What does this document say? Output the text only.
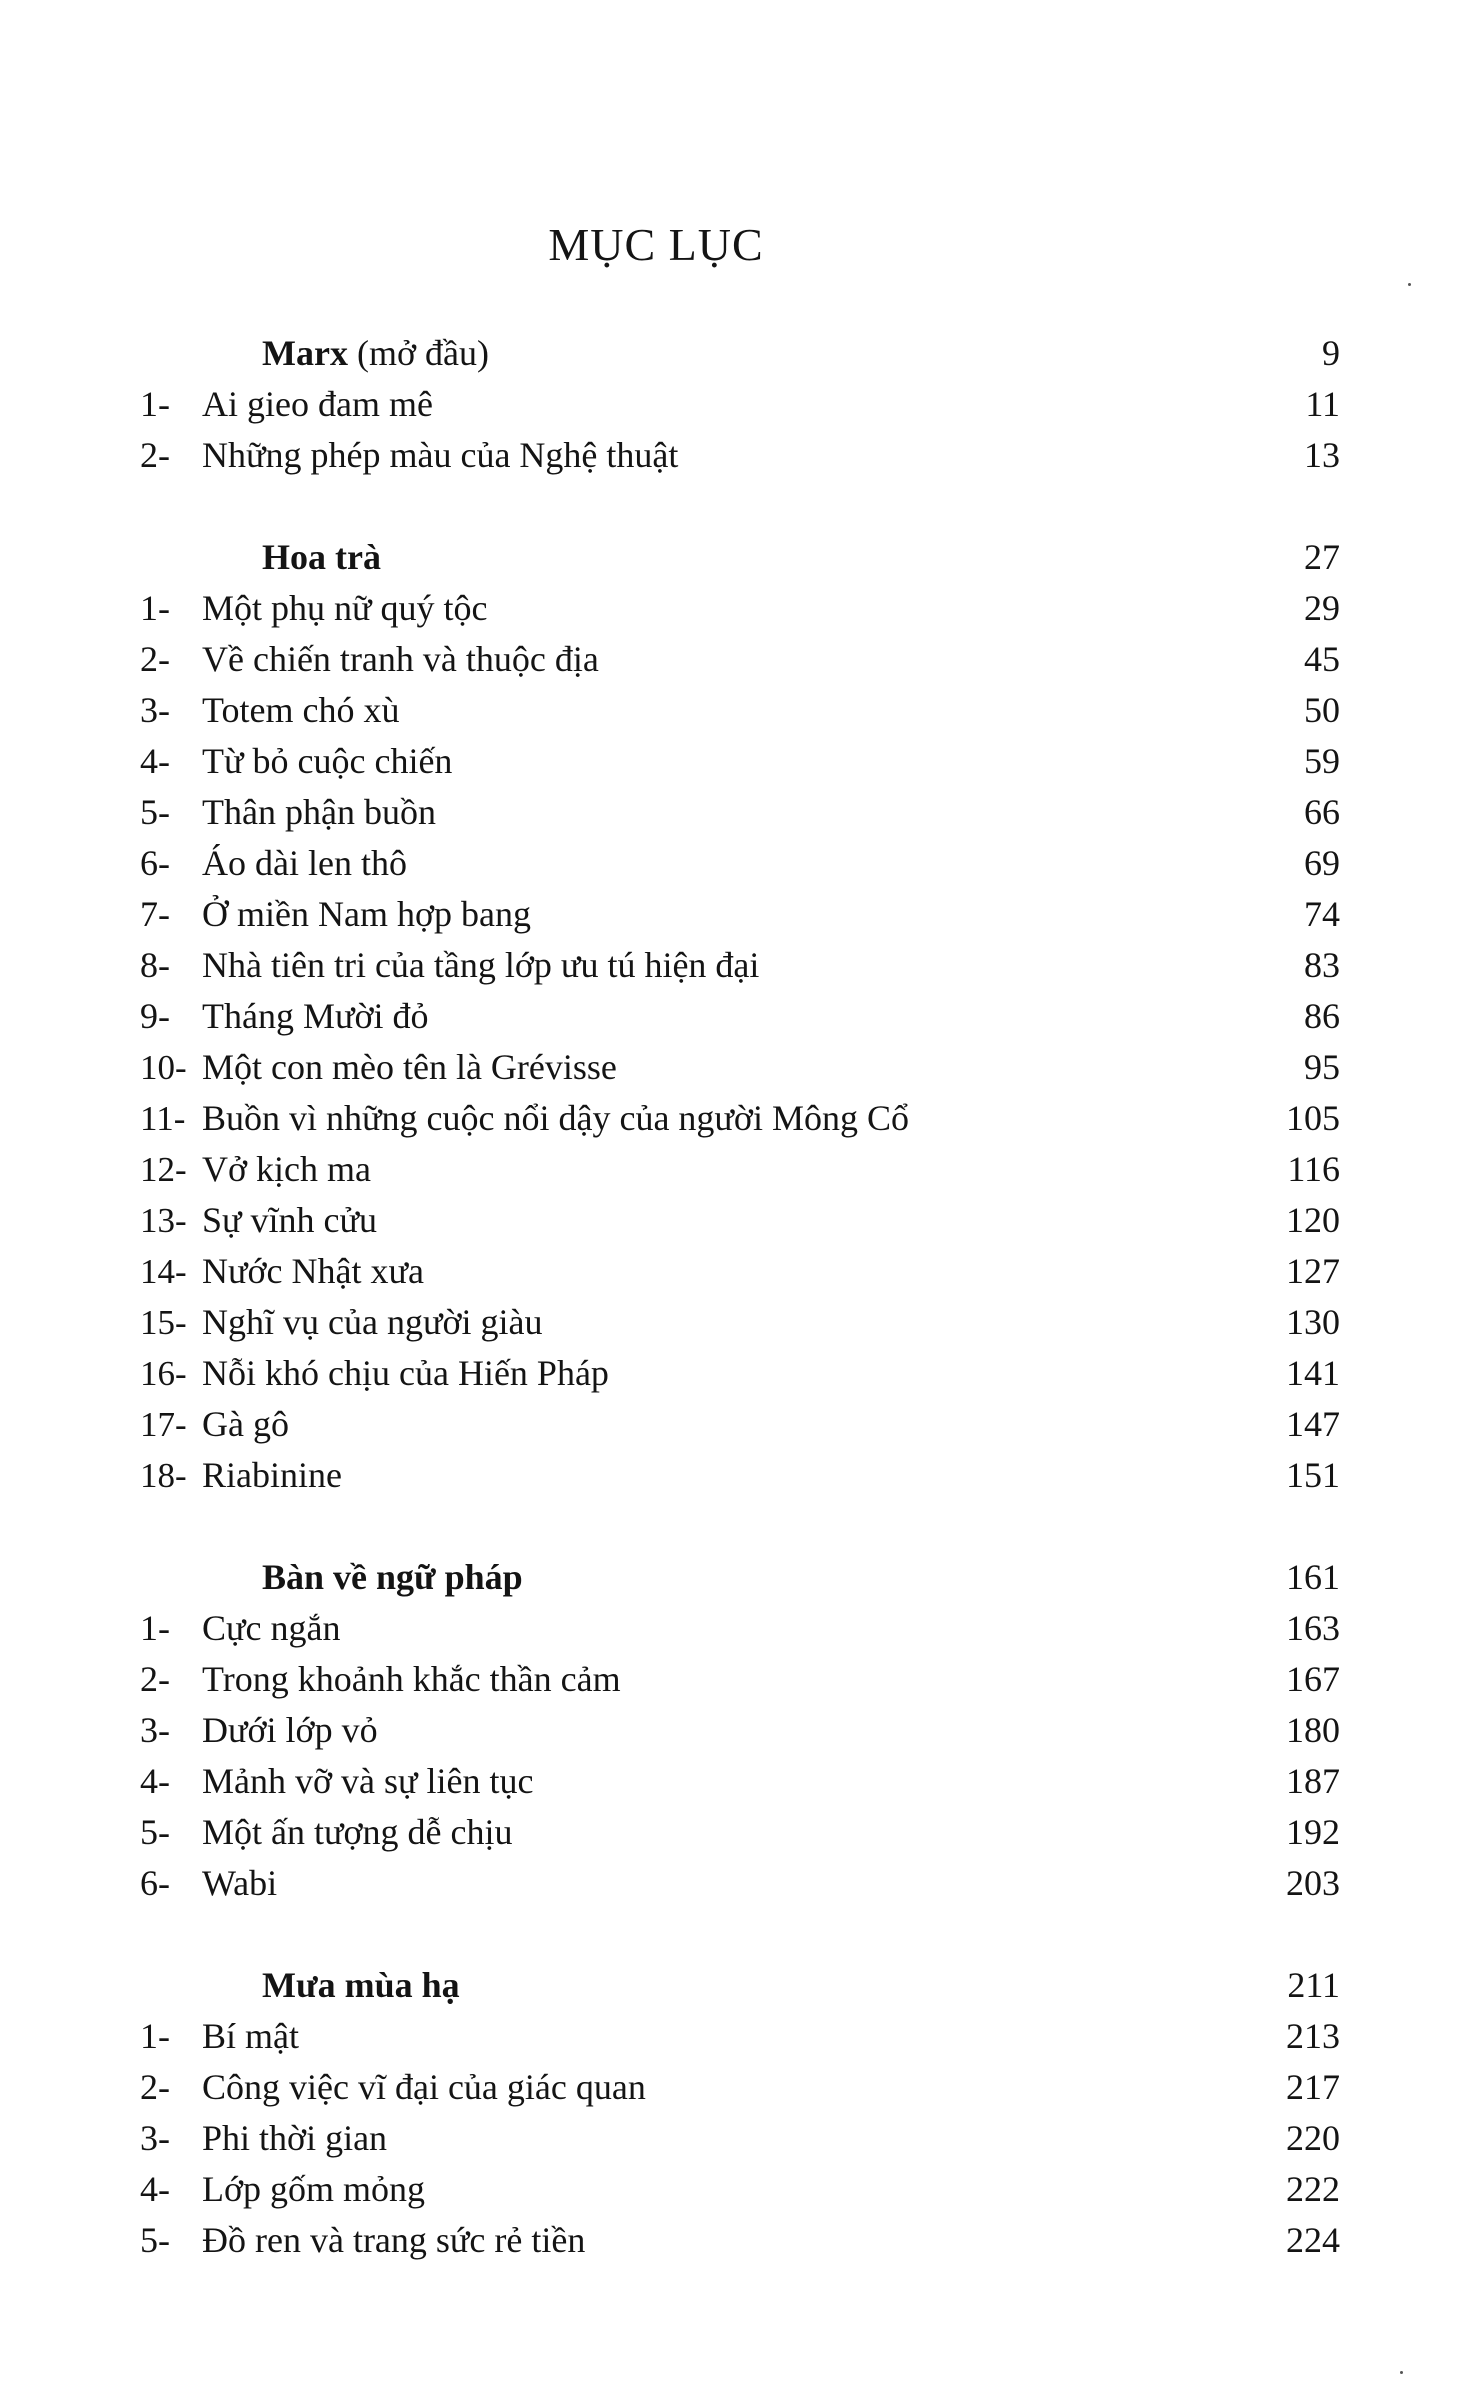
MỤC LỤC
Marx (mở đầu)	9
1- Ai gieo đam mê	11
2- Những phép màu của Nghệ thuật	13
Hoa trà	27
1- Một phụ nữ quý tộc	29
2- Về chiến tranh và thuộc địa	45
3- Totem chó xù	50
4- Từ bỏ cuộc chiến	59
5- Thân phận buồn	66
6- Áo dài len thô	69
7- Ở miền Nam hợp bang	74
8- Nhà tiên tri của tầng lớp ưu tú hiện đại	83
9- Tháng Mười đỏ	86
10- Một con mèo tên là Grévisse	95
11- Buồn vì những cuộc nổi dậy của người Mông Cổ	105
12- Vở kịch ma	116
13- Sự vĩnh cửu	120
14- Nước Nhật xưa	127
15- Nghĩ vụ của người giàu	130
16- Nỗi khó chịu của Hiến Pháp	141
17- Gà gô	147
18- Riabinine	151
Bàn về ngữ pháp	161
1- Cực ngắn	163
2- Trong khoảnh khắc thần cảm	167
3- Dưới lớp vỏ	180
4- Mảnh vỡ và sự liên tục	187
5- Một ấn tượng dễ chịu	192
6- Wabi	203
Mưa mùa hạ	211
1- Bí mật	213
2- Công việc vĩ đại của giác quan	217
3- Phi thời gian	220
4- Lớp gốm mỏng	222
5- Đồ ren và trang sức rẻ tiền	224
